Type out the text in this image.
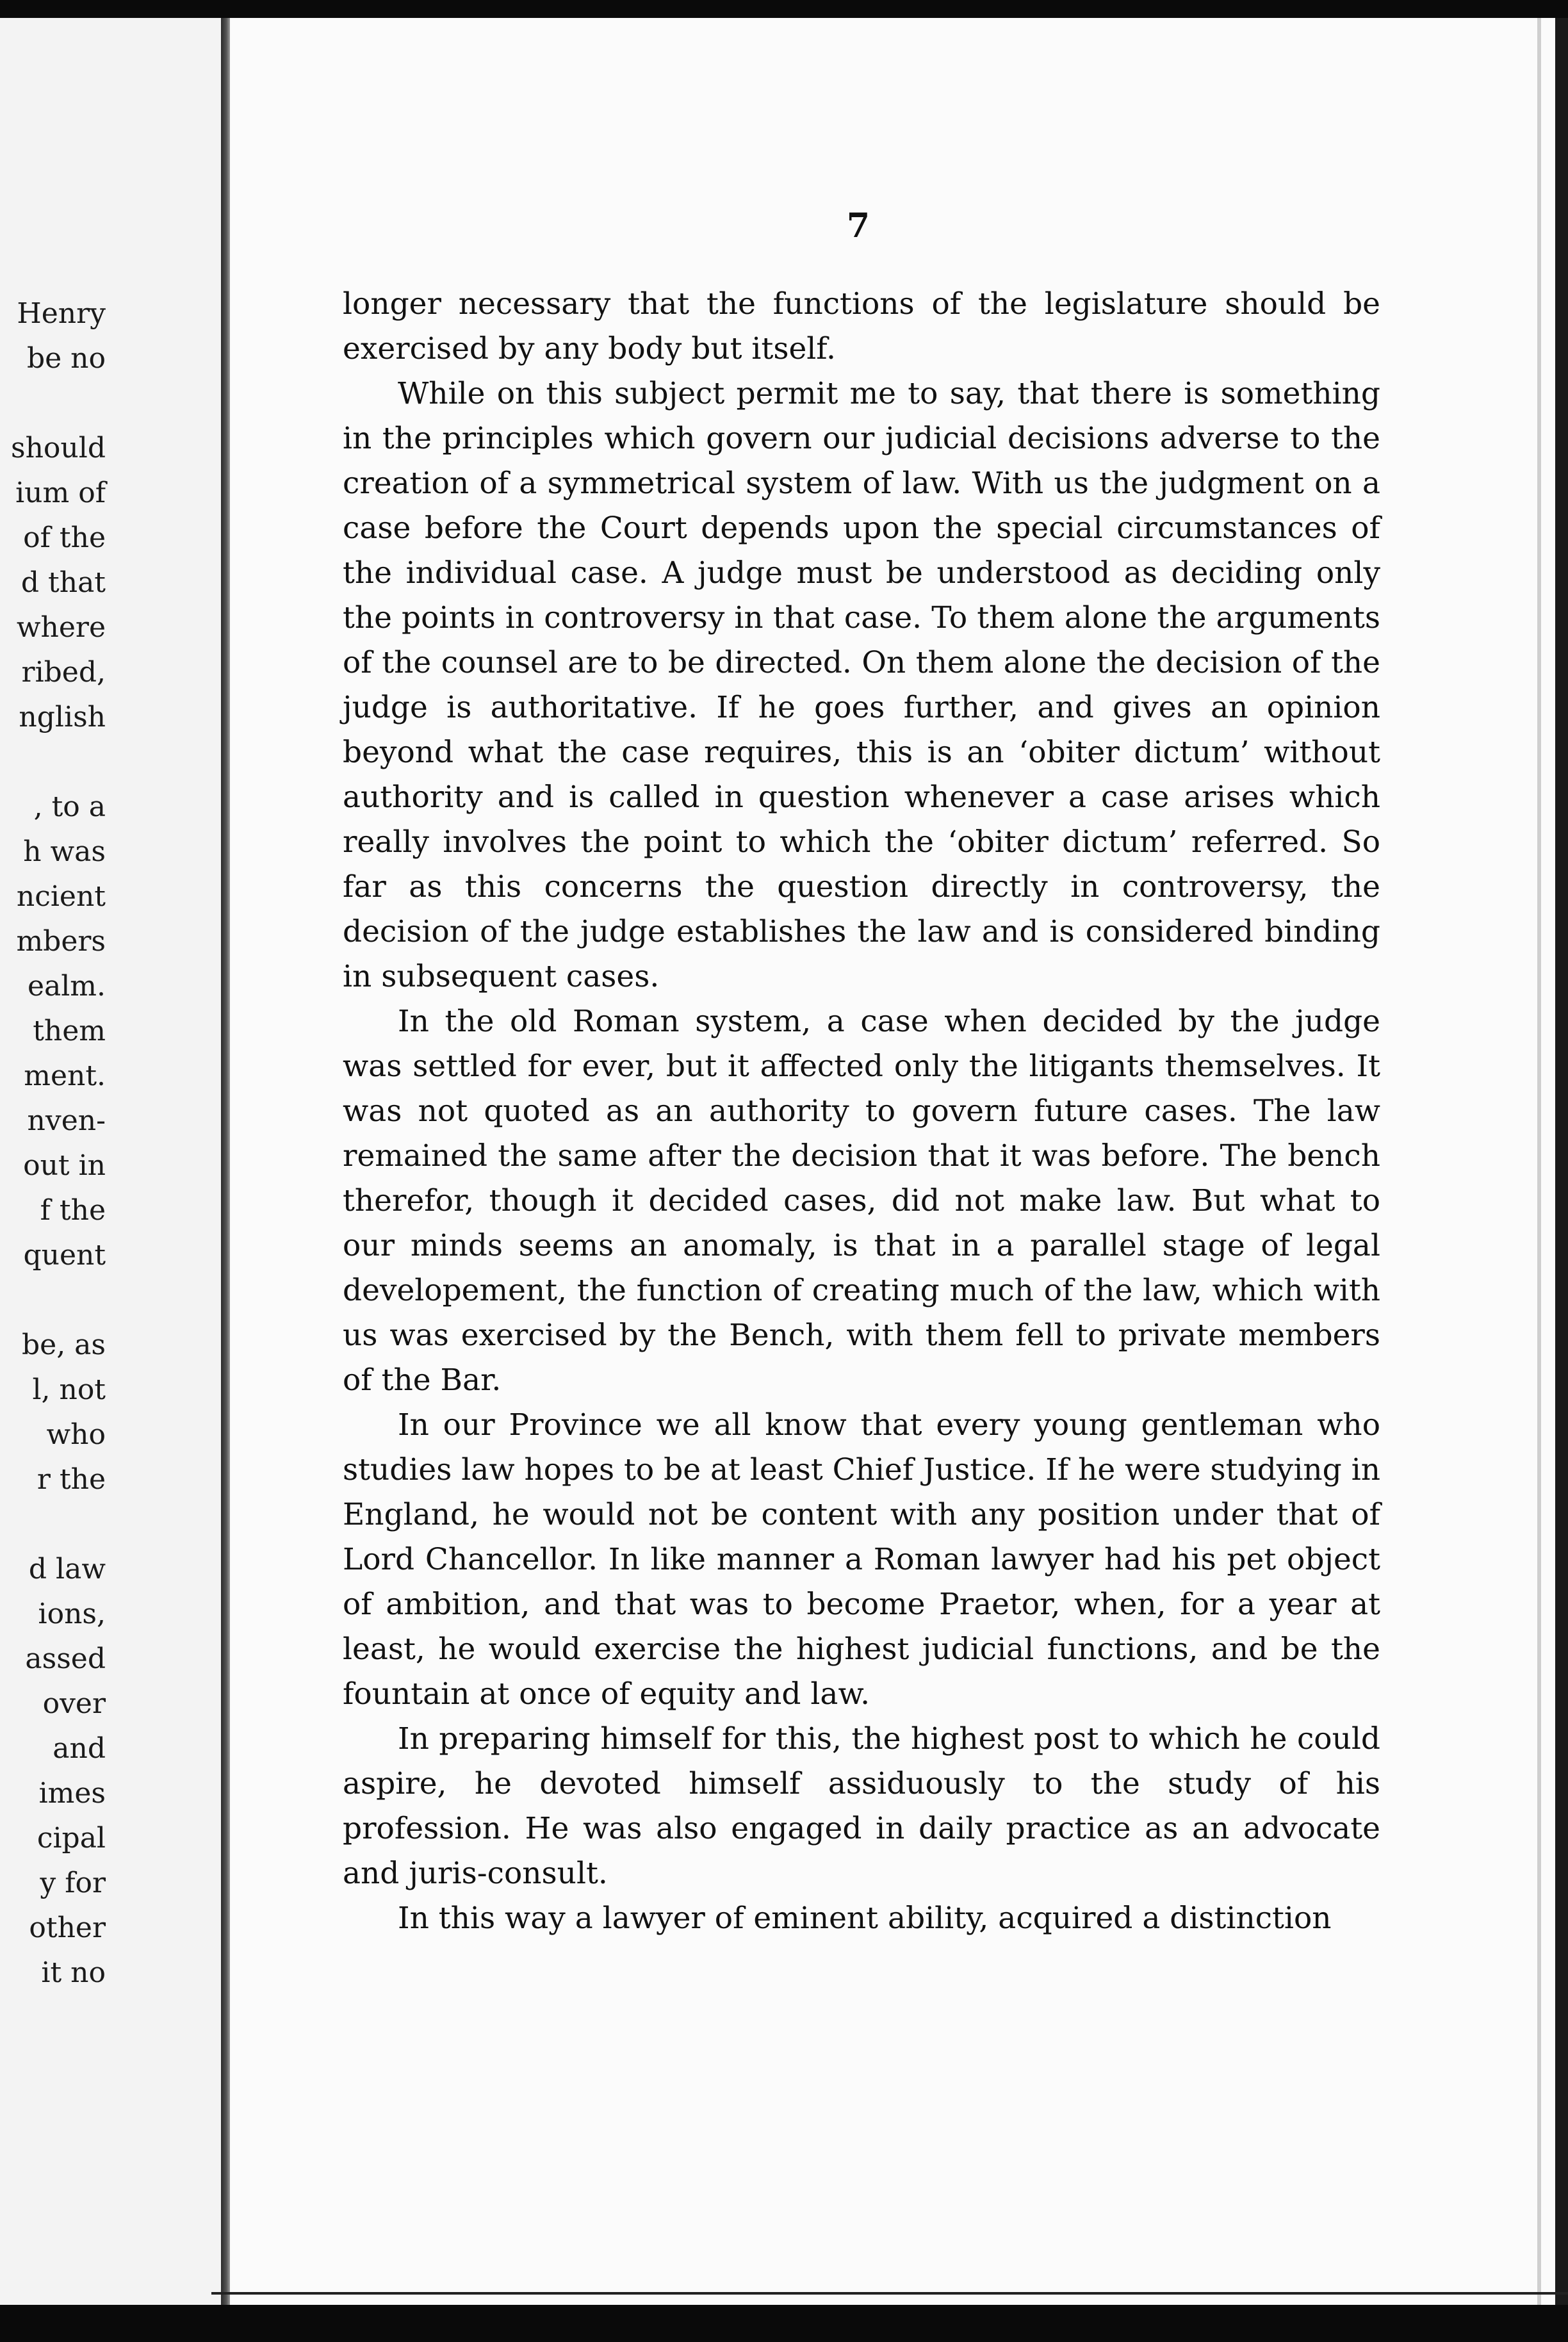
Henry
be no
should
ium of
of the
d that
where
ribed,
nglish
, to a
h was
ncient
mbers
ealm.
them
ment.
nven-
out in
f the
quent
be, as
l, not
who
r the
d law
ions,
assed
over
and
imes
cipal
y for
other
it no
7

longer necessary that the functions of the legislature should be exercised by any body but itself.

While on this subject permit me to say, that there is something in the principles which govern our judicial decisions adverse to the creation of a symmetrical system of law. With us the judgment on a case before the Court depends upon the special circumstances of the individual case. A judge must be understood as deciding only the points in controversy in that case. To them alone the arguments of the counsel are to be directed. On them alone the decision of the judge is authoritative. If he goes further, and gives an opinion beyond what the case requires, this is an ‘obiter dictum’ without authority and is called in question whenever a case arises which really involves the point to which the ‘obiter dictum’ referred. So far as this concerns the question directly in controversy, the decision of the judge establishes the law and is considered binding in subsequent cases.

In the old Roman system, a case when decided by the judge was settled for ever, but it affected only the litigants themselves. It was not quoted as an authority to govern future cases. The law remained the same after the decision that it was before. The bench therefor, though it decided cases, did not make law. But what to our minds seems an anomaly, is that in a parallel stage of legal developement, the function of creating much of the law, which with us was exercised by the Bench, with them fell to private members of the Bar.

In our Province we all know that every young gentleman who studies law hopes to be at least Chief Justice. If he were studying in England, he would not be content with any position under that of Lord Chancellor. In like manner a Roman lawyer had his pet object of ambition, and that was to become Praetor, when, for a year at least, he would exercise the highest judicial functions, and be the fountain at once of equity and law.

In preparing himself for this, the highest post to which he could aspire, he devoted himself assiduously to the study of his profession. He was also engaged in daily practice as an advocate and juris-consult.

In this way a lawyer of eminent ability, acquired a distinction
